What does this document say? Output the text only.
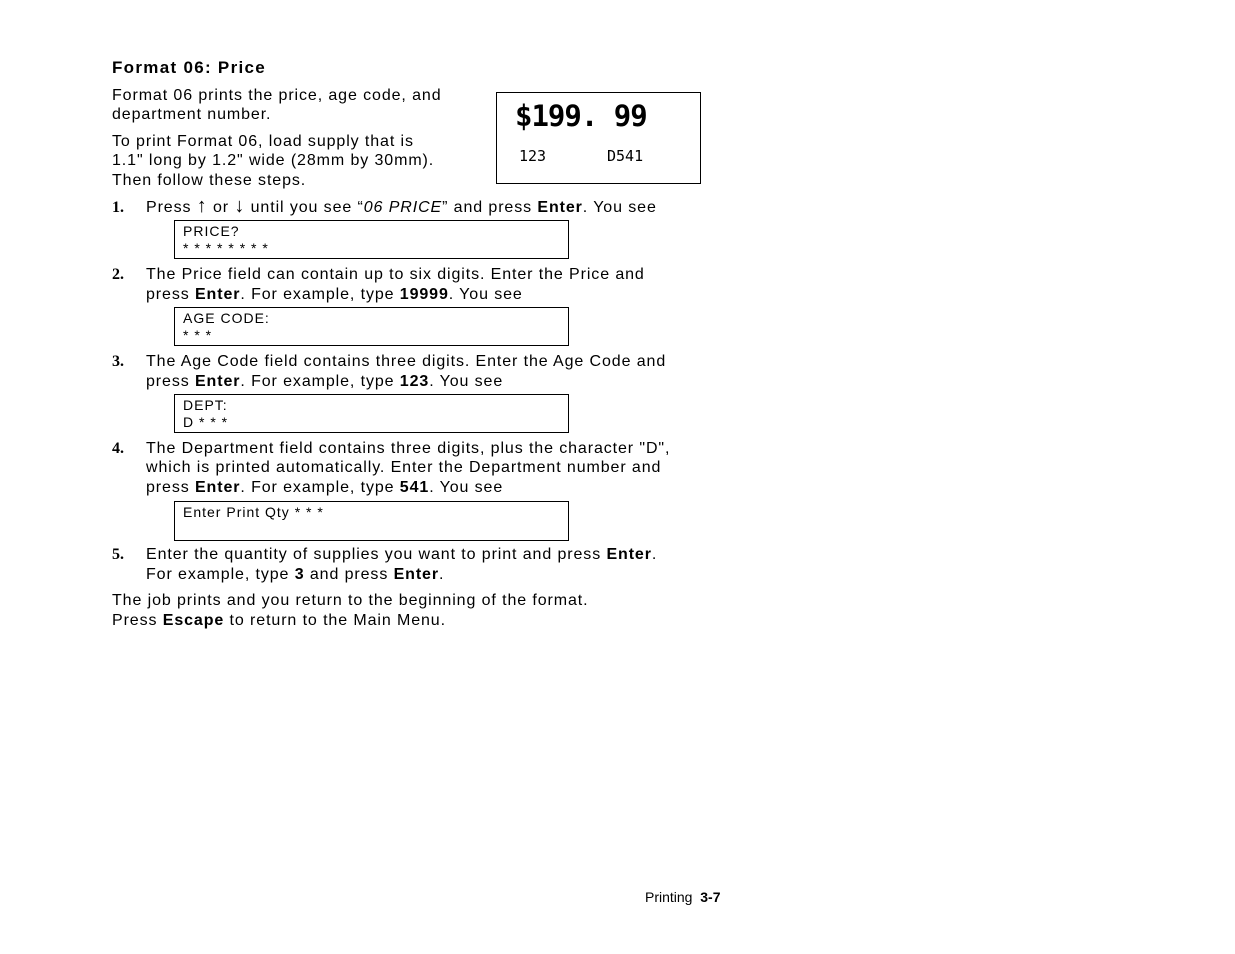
Format 06: Price
Format 06 prints the price, age code, and
department number.
To print Format 06, load supply that is
1.1" long by 1.2" wide (28mm by 30mm).
Then follow these steps.
$199. 99
123	D541
1. Press ↑ or ↓ until you see “06 PRICE” and press Enter. You see
PRICE?
* * * * * * * *
2. The Price field can contain up to six digits. Enter the Price and
press Enter. For example, type 19999. You see
AGE CODE:
* * *
3. The Age Code field contains three digits. Enter the Age Code and
press Enter. For example, type 123. You see
DEPT:
D * * *
4. The Department field contains three digits, plus the character "D",
which is printed automatically. Enter the Department number and
press Enter. For example, type 541. You see
Enter Print Qty * * *
5. Enter the quantity of supplies you want to print and press Enter.
For example, type 3 and press Enter.
The job prints and you return to the beginning of the format.
Press Escape to return to the Main Menu.
Printing 3-7
